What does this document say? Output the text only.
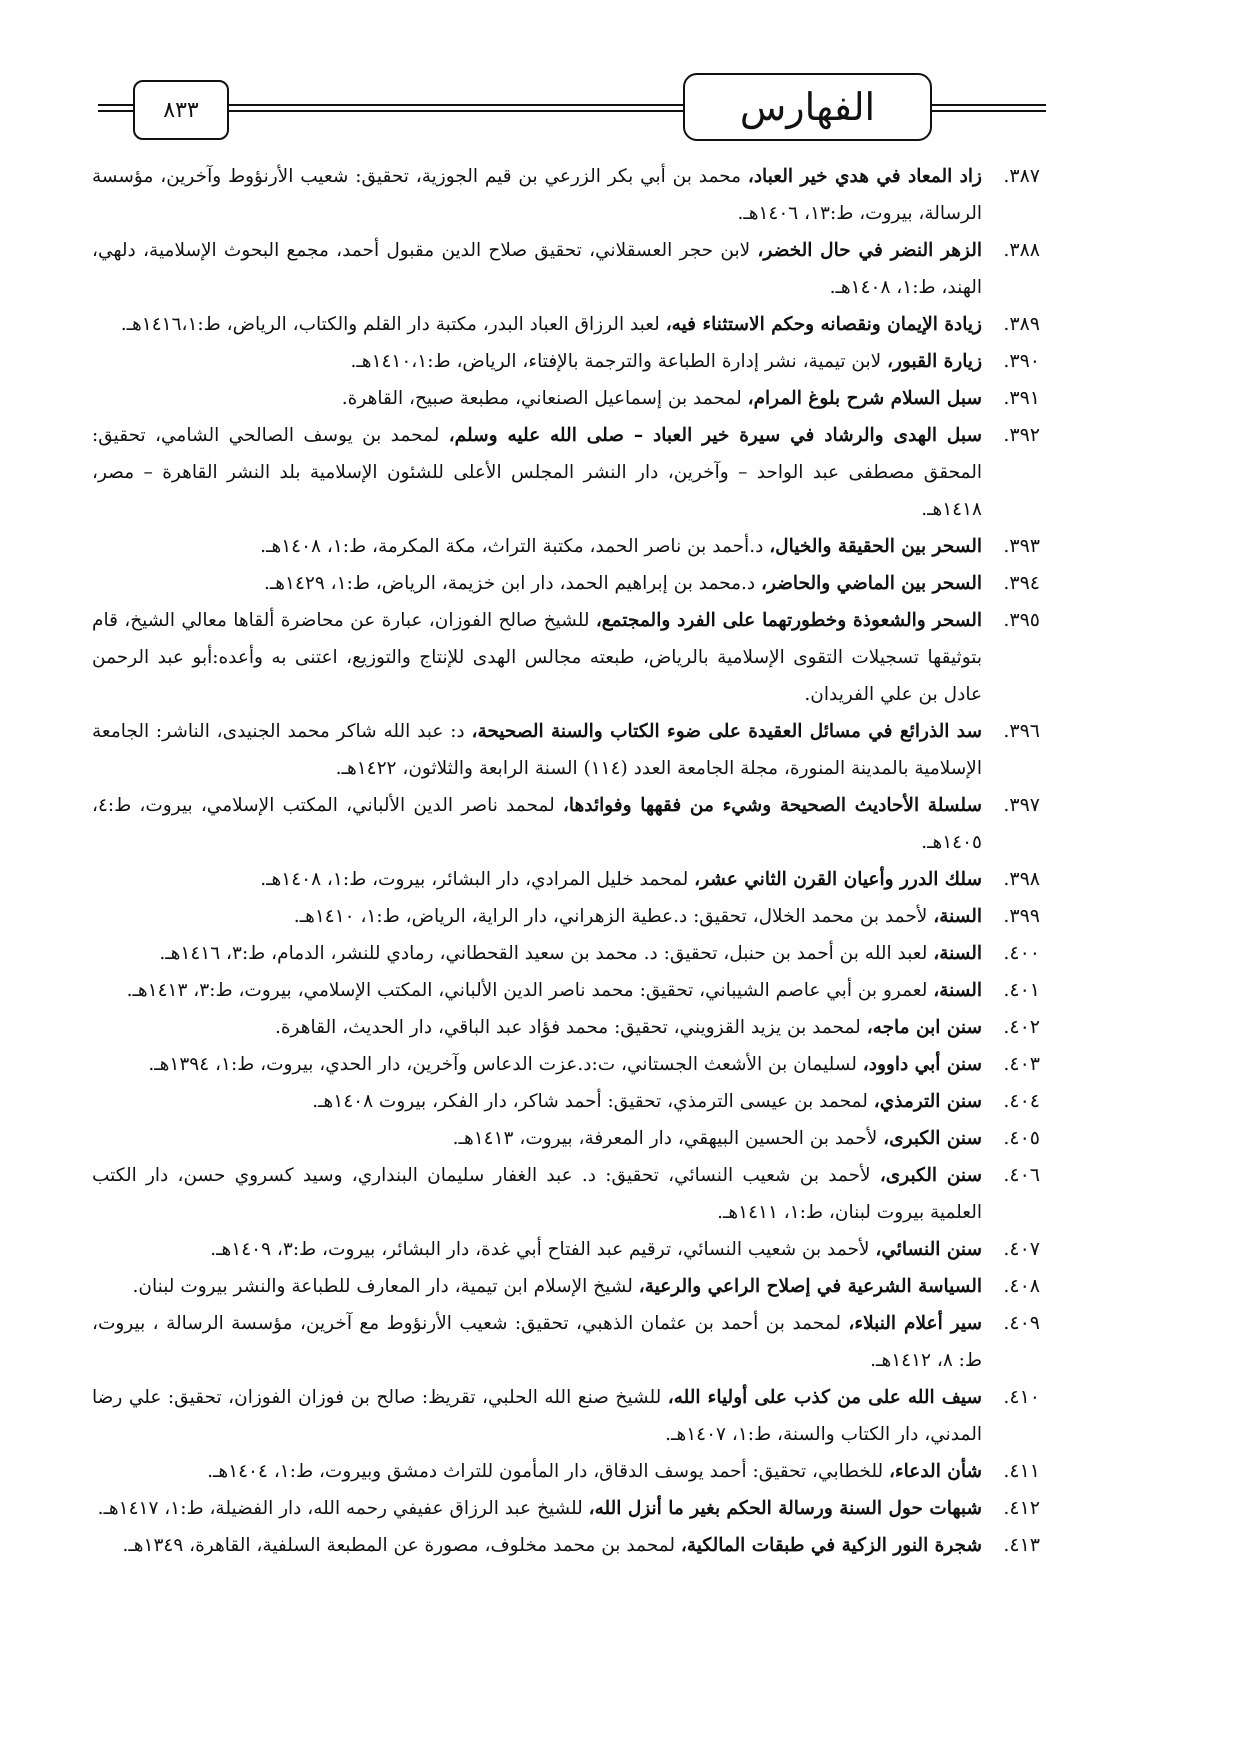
٨٣٣	الفهارس
٣٨٧.
زاد المعاد في هدي خير العباد، محمد بن أبي بكر الزرعي بن قيم الجوزية، تحقيق: شعيب الأرنؤوط وآخرين، مؤسسة الرسالة، بيروت، ط:١٣، ١٤٠٦هـ.
٣٨٨.
الزهر النضر في حال الخضر، لابن حجر العسقلاني، تحقيق صلاح الدين مقبول أحمد، مجمع البحوث الإسلامية، دلهي، الهند، ط:١، ١٤٠٨هـ.
٣٨٩.
زيادة الإيمان ونقصانه وحكم الاستثناء فيه، لعبد الرزاق العباد البدر، مكتبة دار القلم والكتاب، الرياض، ط:١٤١٦،١هـ.
٣٩٠.
زيارة القبور، لابن تيمية، نشر إدارة الطباعة والترجمة بالإفتاء، الرياض، ط:١٤١٠،١هـ.
٣٩١.
سبل السلام شرح بلوغ المرام، لمحمد بن إسماعيل الصنعاني، مطبعة صبيح، القاهرة.
٣٩٢.
سبل الهدى والرشاد في سيرة خير العباد – صلى الله عليه وسلم، لمحمد بن يوسف الصالحي الشامي، تحقيق: المحقق مصطفى عبد الواحد – وآخرين، دار النشر المجلس الأعلى للشئون الإسلامية بلد النشر القاهرة – مصر، ١٤١٨هـ.
٣٩٣.
السحر بين الحقيقة والخيال، د.أحمد بن ناصر الحمد، مكتبة التراث، مكة المكرمة، ط:١، ١٤٠٨هـ.
٣٩٤.
السحر بين الماضي والحاضر، د.محمد بن إبراهيم الحمد، دار ابن خزيمة، الرياض، ط:١، ١٤٢٩هـ.
٣٩٥.
السحر والشعوذة وخطورتهما على الفرد والمجتمع، للشيخ صالح الفوزان، عبارة عن محاضرة ألقاها معالي الشيخ، قام بتوثيقها تسجيلات التقوى الإسلامية بالرياض، طبعته مجالس الهدى للإنتاج والتوزيع، اعتنى به وأعده:أبو عبد الرحمن عادل بن علي الفريدان.
٣٩٦.
سد الذرائع في مسائل العقيدة على ضوء الكتاب والسنة الصحيحة، د: عبد الله شاكر محمد الجنيدى، الناشر: الجامعة الإسلامية بالمدينة المنورة، مجلة الجامعة العدد (١١٤) السنة الرابعة والثلاثون، ١٤٢٢هـ.
٣٩٧.
سلسلة الأحاديث الصحيحة وشيء من فقهها وفوائدها، لمحمد ناصر الدين الألباني، المكتب الإسلامي، بيروت، ط:٤، ١٤٠٥هـ.
٣٩٨.
سلك الدرر وأعيان القرن الثاني عشر، لمحمد خليل المرادي، دار البشائر، بيروت، ط:١، ١٤٠٨هـ.
٣٩٩.
السنة، لأحمد بن محمد الخلال، تحقيق: د.عطية الزهراني، دار الراية، الرياض، ط:١، ١٤١٠هـ.
٤٠٠.
السنة، لعبد الله بن أحمد بن حنبل، تحقيق: د. محمد بن سعيد القحطاني، رمادي للنشر، الدمام، ط:٣، ١٤١٦هـ.
٤٠١.
السنة، لعمرو بن أبي عاصم الشيباني، تحقيق: محمد ناصر الدين الألباني، المكتب الإسلامي، بيروت، ط:٣، ١٤١٣هـ.
٤٠٢.
سنن ابن ماجه، لمحمد بن يزيد القزويني، تحقيق: محمد فؤاد عبد الباقي، دار الحديث، القاهرة.
٤٠٣.
سنن أبي داوود، لسليمان بن الأشعث الجستاني، ت:د.عزت الدعاس وآخرين، دار الحدي، بيروت، ط:١، ١٣٩٤هـ.
٤٠٤.
سنن الترمذي، لمحمد بن عيسى الترمذي، تحقيق: أحمد شاكر، دار الفكر، بيروت ١٤٠٨هـ.
٤٠٥.
سنن الكبرى، لأحمد بن الحسين البيهقي، دار المعرفة، بيروت، ١٤١٣هـ.
٤٠٦.
سنن الكبرى، لأحمد بن شعيب النسائي، تحقيق: د. عبد الغفار سليمان البنداري، وسيد كسروي حسن، دار الكتب العلمية بيروت لبنان، ط:١، ١٤١١هـ.
٤٠٧.
سنن النسائي، لأحمد بن شعيب النسائي، ترقيم عبد الفتاح أبي غدة، دار البشائر، بيروت، ط:٣، ١٤٠٩هـ.
٤٠٨.
السياسة الشرعية في إصلاح الراعي والرعية، لشيخ الإسلام ابن تيمية، دار المعارف للطباعة والنشر بيروت لبنان.
٤٠٩.
سير أعلام النبلاء، لمحمد بن أحمد بن عثمان الذهبي، تحقيق: شعيب الأرنؤوط مع آخرين، مؤسسة الرسالة ، بيروت، ط: ٨، ١٤١٢هـ.
٤١٠.
سيف الله على من كذب على أولياء الله، للشيخ صنع الله الحلبي، تقريظ: صالح بن فوزان الفوزان، تحقيق: علي رضا المدني، دار الكتاب والسنة، ط:١، ١٤٠٧هـ.
٤١١.
شأن الدعاء، للخطابي، تحقيق: أحمد يوسف الدقاق، دار المأمون للتراث دمشق وبيروت، ط:١، ١٤٠٤هـ.
٤١٢.
شبهات حول السنة ورسالة الحكم بغير ما أنزل الله، للشيخ عبد الرزاق عفيفي رحمه الله، دار الفضيلة، ط:١، ١٤١٧هـ.
٤١٣.
شجرة النور الزكية في طبقات المالكية، لمحمد بن محمد مخلوف، مصورة عن المطبعة السلفية، القاهرة، ١٣٤٩هـ.
